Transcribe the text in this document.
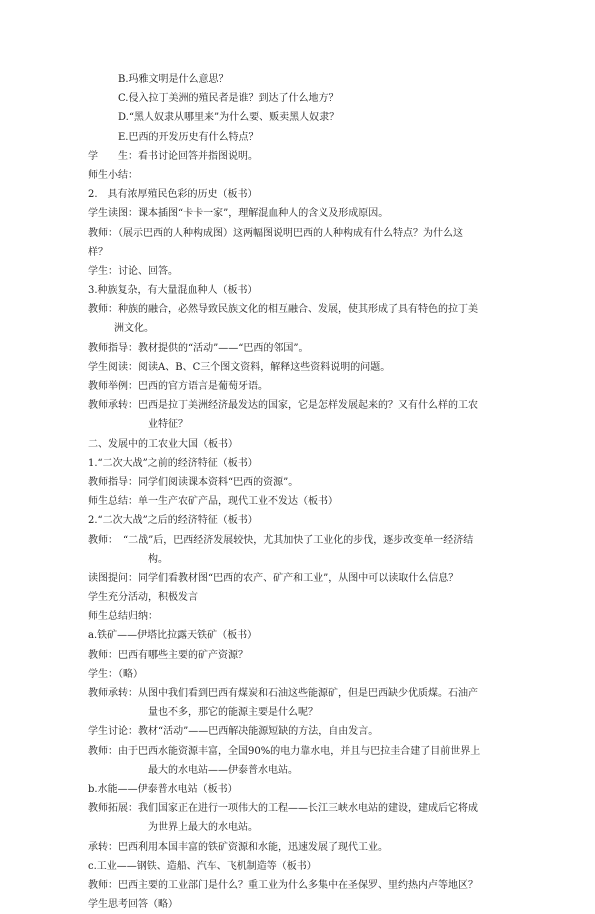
B.玛雅文明是什么意思？
C.侵入拉丁美洲的殖民者是谁？到达了什么地方？
D.“黑人奴隶从哪里来”为什么要、贩卖黑人奴隶？
E.巴西的开发历史有什么特点？
学　　生：看书讨论回答并指图说明。
师生小结：
2.　具有浓厚殖民色彩的历史（板书）
学生读图：课本插图“卡卡一家”，理解混血种人的含义及形成原因。
教师：（展示巴西的人种构成图）这两幅图说明巴西的人种构成有什么特点？为什么这
样？
学生：讨论、回答。
3.种族复杂，有大量混血种人（板书）
教师：种族的融合，必然导致民族文化的相互融合、发展，使其形成了具有特色的拉丁美
洲文化。
教师指导：教材提供的“活动”——“巴西的邻国”。
学生阅读：阅读A、B、C三个图文资料，解释这些资料说明的问题。
教师举例：巴西的官方语言是葡萄牙语。
教师承转：巴西是拉丁美洲经济最发达的国家，它是怎样发展起来的？又有什么样的工农
业特征？
二、发展中的工农业大国（板书）
1.“二次大战”之前的经济特征（板书）
教师指导：同学们阅读课本资料“巴西的资源”。
师生总结：单一生产农矿产品，现代工业不发达（板书）
2.“二次大战”之后的经济特征（板书）
教师：　“二战”后，巴西经济发展较快，尤其加快了工业化的步伐，逐步改变单一经济结
构。
读图提问：同学们看教材图“巴西的农产、矿产和工业”，从图中可以读取什么信息？
学生充分活动，积极发言
师生总结归纳：
a.铁矿——伊塔比拉露天铁矿（板书）
教师：巴西有哪些主要的矿产资源？
学生：（略）
教师承转：从图中我们看到巴西有煤炭和石油这些能源矿，但是巴西缺少优质煤。石油产
量也不多，那它的能源主要是什么呢？
学生讨论：教材“活动”——巴西解决能源短缺的方法，自由发言。
教师：由于巴西水能资源丰富，全国90%的电力靠水电，并且与巴拉圭合建了目前世界上
最大的水电站——伊泰普水电站。
b.水能——伊泰普水电站（板书）
教师拓展：我们国家正在进行一项伟大的工程——长江三峡水电站的建设，建成后它将成
为世界上最大的水电站。
承转：巴西利用本国丰富的铁矿资源和水能，迅速发展了现代工业。
c.工业——钢铁、造船、汽车、飞机制造等（板书）
教师：巴西主要的工业部门是什么？重工业为什么多集中在圣保罗、里约热内卢等地区？
学生思考回答（略）
